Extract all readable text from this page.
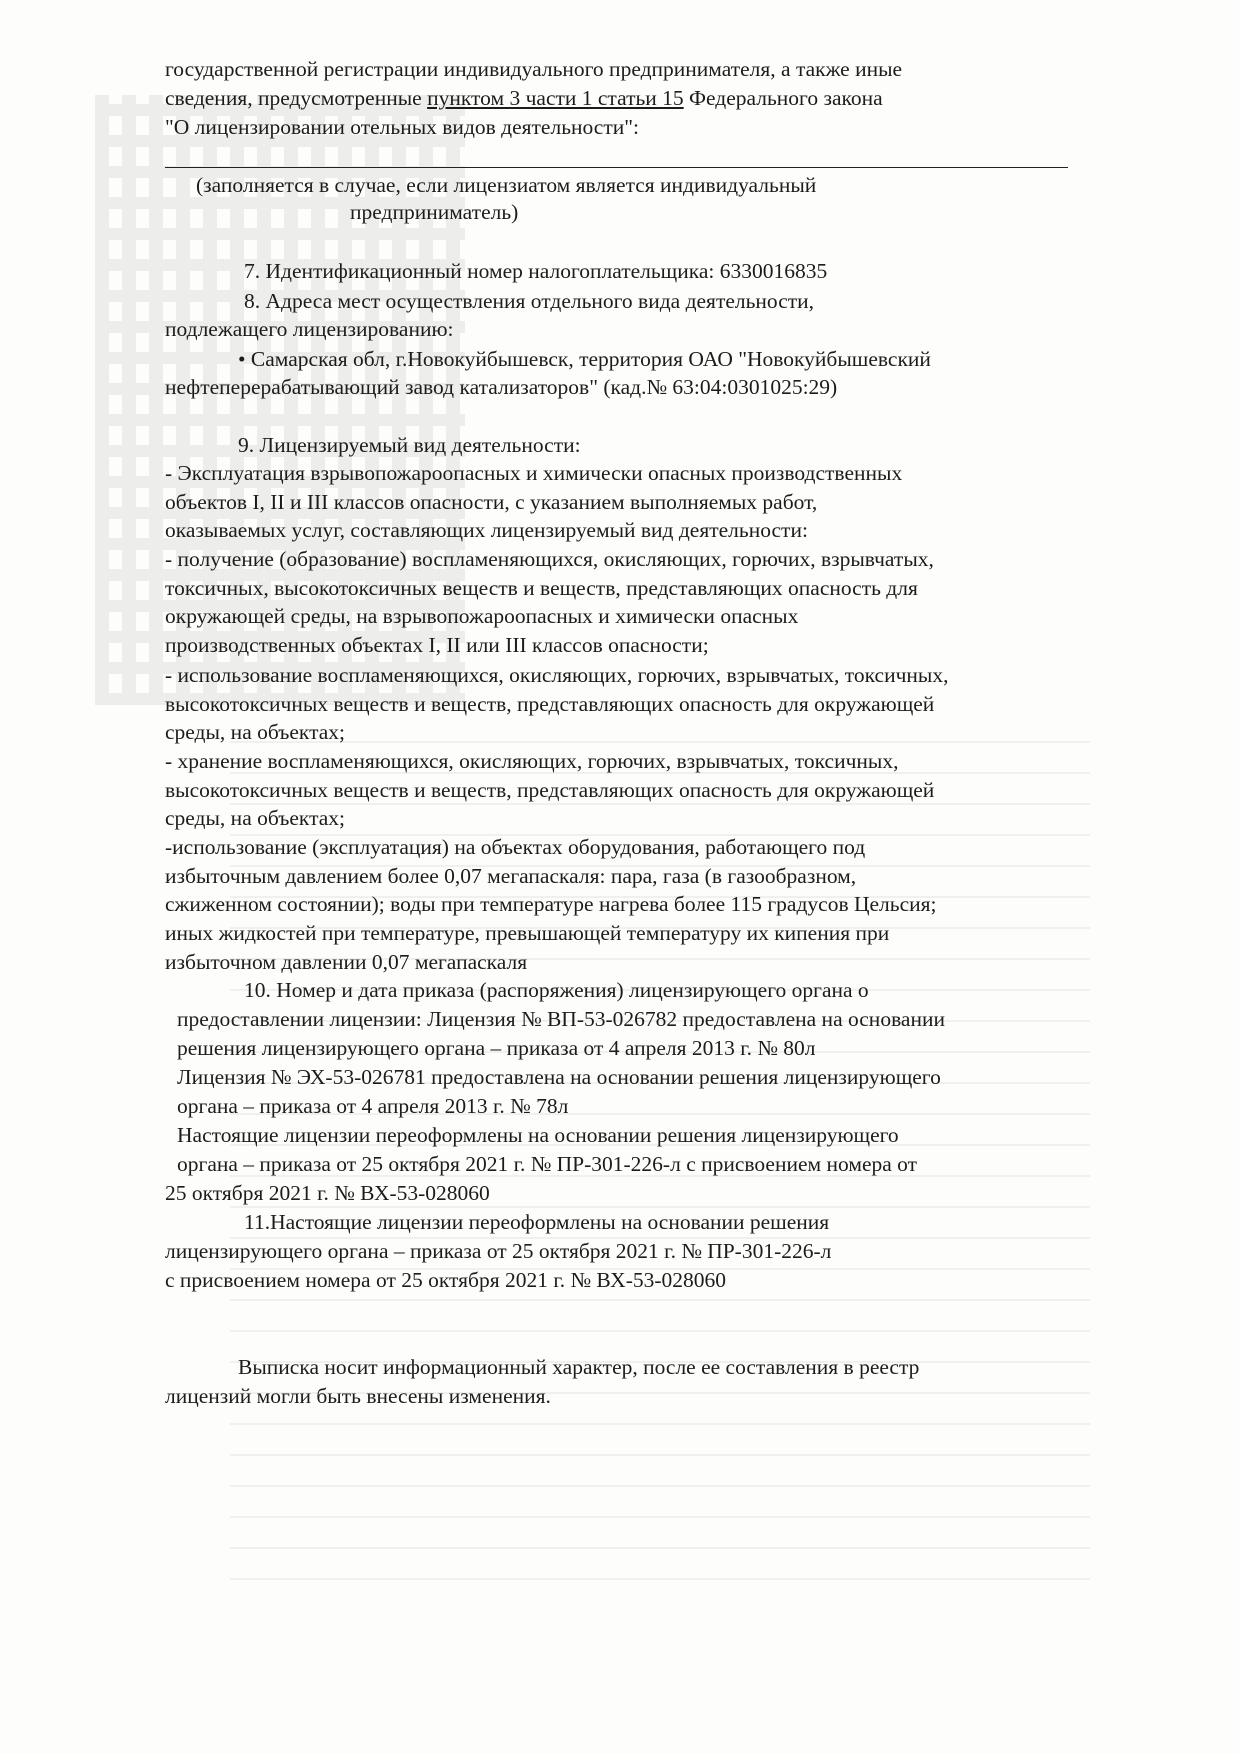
государственной регистрации индивидуального предпринимателя, а также иные
сведения, предусмотренные пунктом 3 части 1 статьи 15 Федерального закона
"О лицензировании отельных видов деятельности":
(заполняется в случае, если лицензиатом является индивидуальный
предприниматель)
7. Идентификационный номер налогоплательщика: 6330016835
8. Адреса мест осуществления отдельного вида деятельности,
подлежащего лицензированию:
• Самарская обл, г.Новокуйбышевск, территория ОАО "Новокуйбышевский
нефтеперерабатывающий завод катализаторов" (кад.№ 63:04:0301025:29)
9. Лицензируемый вид деятельности:
- Эксплуатация взрывопожароопасных и химически опасных производственных
объектов I, II и III классов опасности, с указанием выполняемых работ,
оказываемых услуг, составляющих лицензируемый вид деятельности:
- получение (образование) воспламеняющихся, окисляющих, горючих, взрывчатых,
токсичных, высокотоксичных веществ и веществ, представляющих опасность для
окружающей среды, на взрывопожароопасных и химически опасных
производственных объектах I, II или III классов опасности;
- использование воспламеняющихся, окисляющих, горючих, взрывчатых, токсичных,
высокотоксичных веществ и веществ, представляющих опасность для окружающей
среды, на объектах;
- хранение воспламеняющихся, окисляющих, горючих, взрывчатых, токсичных,
высокотоксичных веществ и веществ, представляющих опасность для окружающей
среды, на объектах;
-использование (эксплуатация) на объектах оборудования, работающего под
избыточным давлением более 0,07 мегапаскаля: пара, газа (в газообразном,
сжиженном состоянии); воды при температуре нагрева более 115 градусов Цельсия;
иных жидкостей при температуре, превышающей температуру их кипения при
избыточном давлении 0,07 мегапаскаля
10. Номер и дата приказа (распоряжения) лицензирующего органа о
предоставлении лицензии: Лицензия № ВП-53-026782 предоставлена на основании
решения лицензирующего органа – приказа от 4 апреля 2013 г. № 80л
Лицензия № ЭХ-53-026781 предоставлена на основании решения лицензирующего
органа – приказа от 4 апреля 2013 г. № 78л
Настоящие лицензии переоформлены на основании решения лицензирующего
органа – приказа от 25 октября 2021 г. № ПР-301-226-л с присвоением номера от
25 октября 2021 г. № ВХ-53-028060
11.Настоящие лицензии переоформлены на основании решения
лицензирующего органа – приказа от 25 октября 2021 г. № ПР-301-226-л
с присвоением номера от 25 октября 2021 г. № ВХ-53-028060
Выписка носит информационный характер, после ее составления в реестр
лицензий могли быть внесены изменения.
